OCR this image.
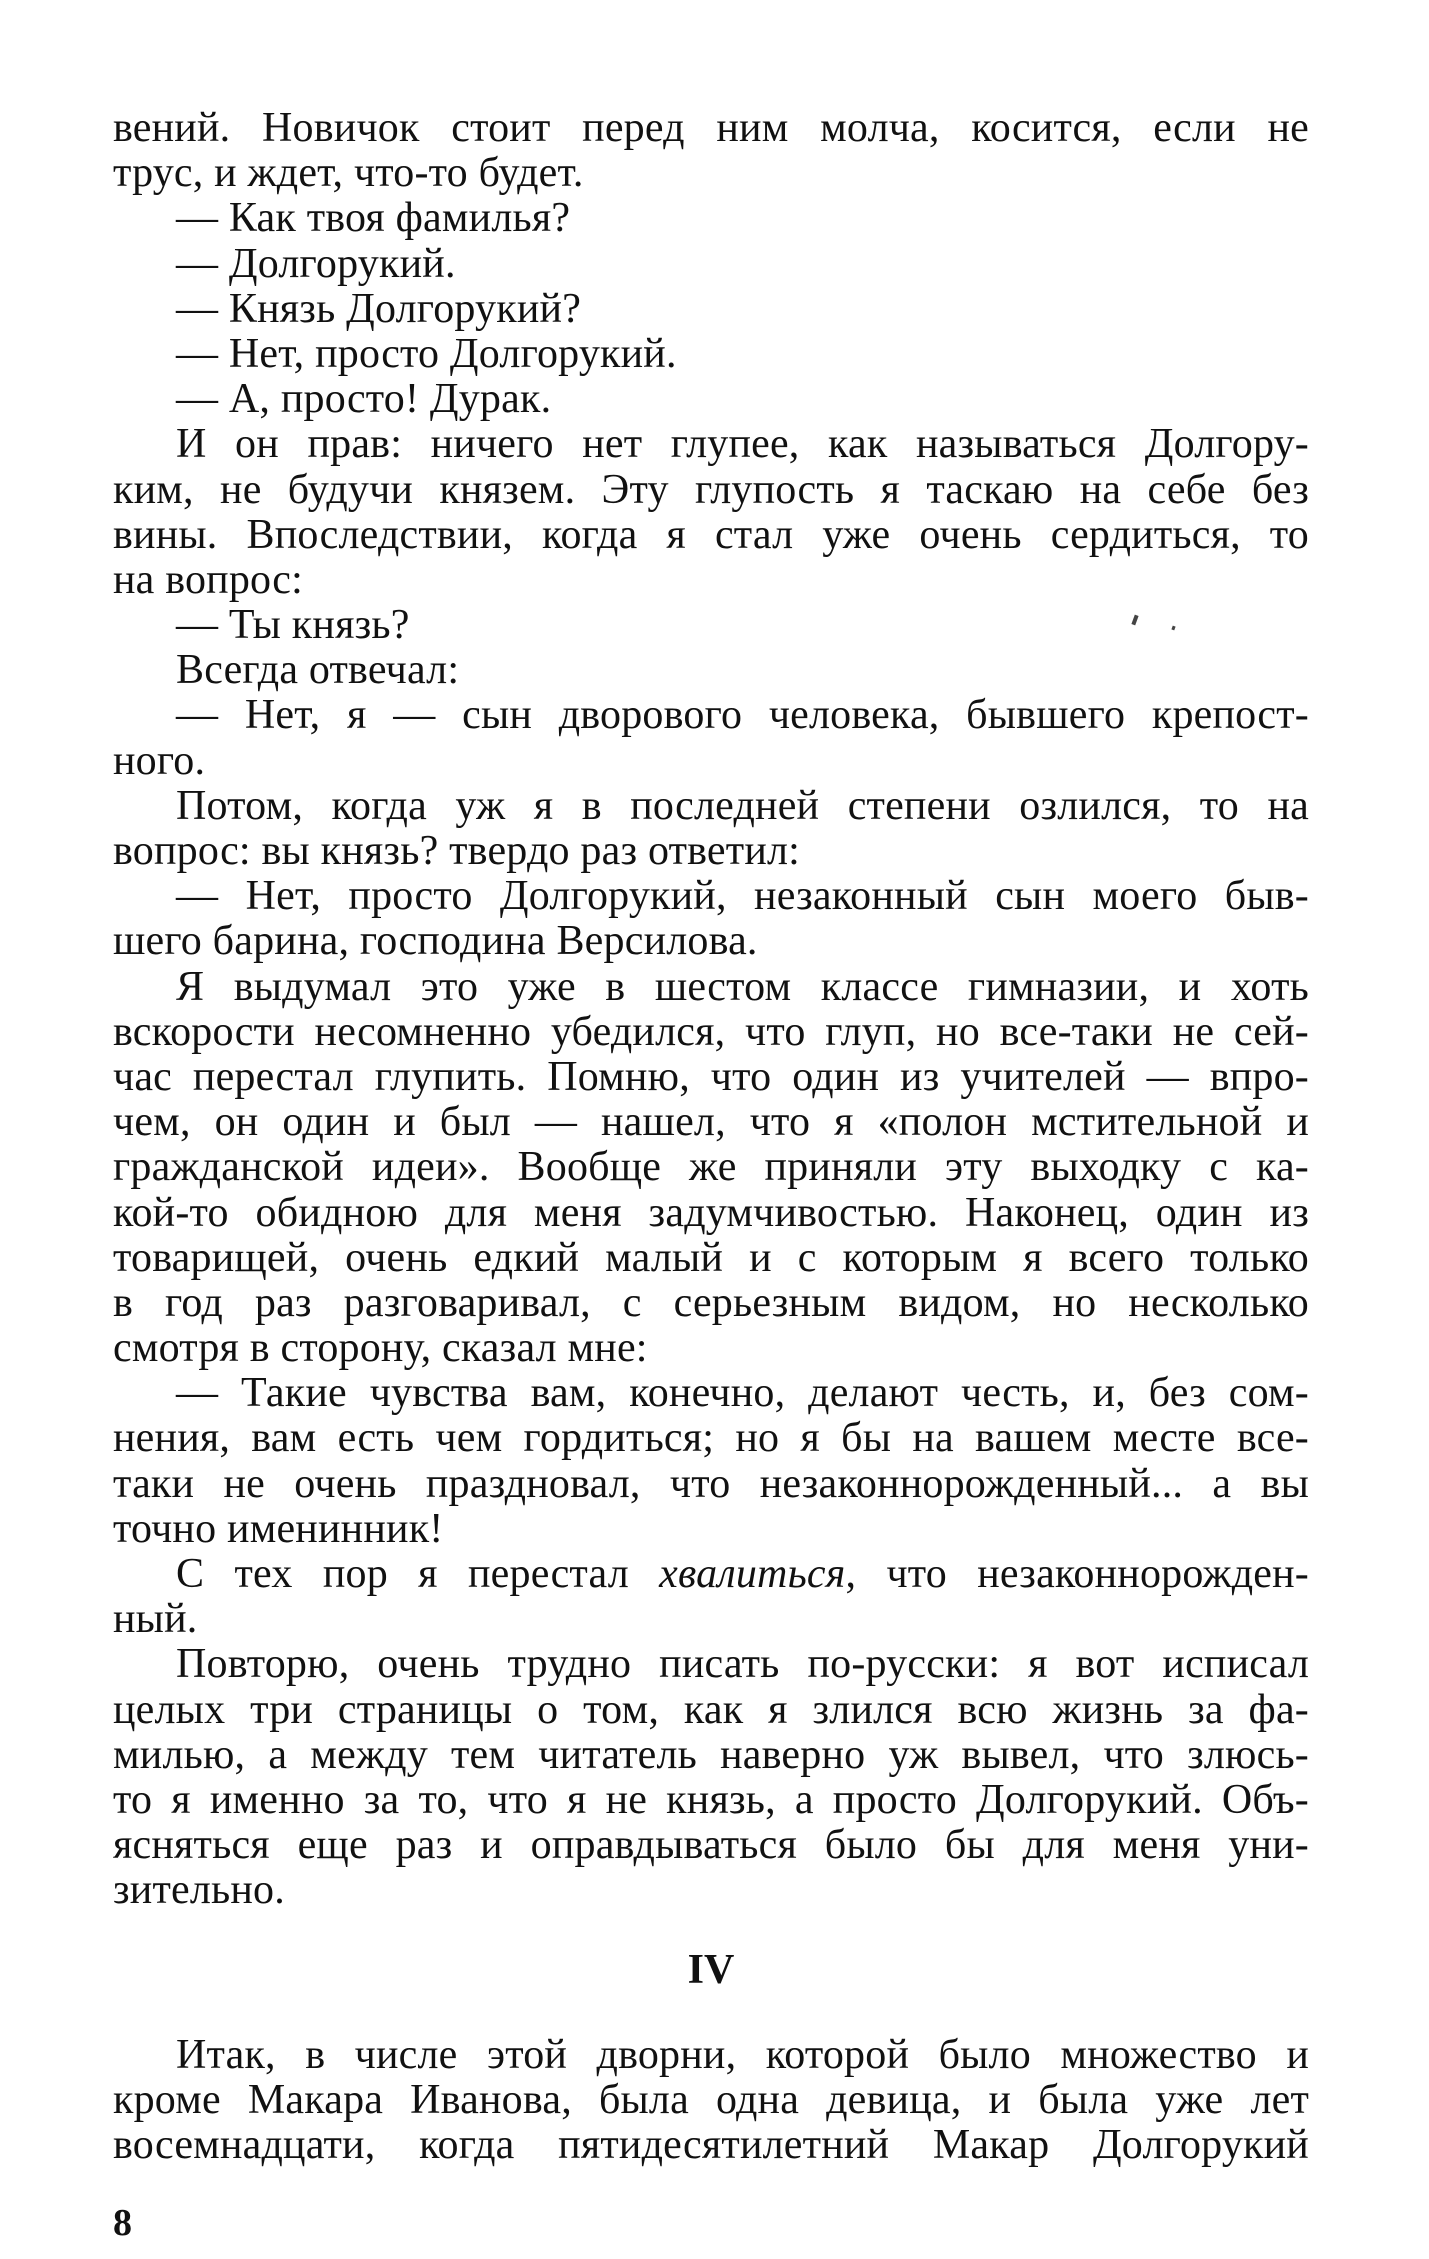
вений. Новичок стоит перед ним молча, косится, если не
трус, и ждет, что-то будет.
— Как твоя фамилья?
— Долгорукий.
— Князь Долгорукий?
— Нет, просто Долгорукий.
— А, просто! Дурак.
И он прав: ничего нет глупее, как называться Долгору-
ким, не будучи князем. Эту глупость я таскаю на себе без
вины. Впоследствии, когда я стал уже очень сердиться, то
на вопрос:
— Ты князь?
Всегда отвечал:
— Нет, я — сын дворового человека, бывшего крепост-
ного.
Потом, когда уж я в последней степени озлился, то на
вопрос: вы князь? твердо раз ответил:
— Нет, просто Долгорукий, незаконный сын моего быв-
шего барина, господина Версилова.
Я выдумал это уже в шестом классе гимназии, и хоть
вскорости несомненно убедился, что глуп, но все-таки не сей-
час перестал глупить. Помню, что один из учителей — впро-
чем, он один и был — нашел, что я «полон мстительной и
гражданской идеи». Вообще же приняли эту выходку с ка-
кой-то обидною для меня задумчивостью. Наконец, один из
товарищей, очень едкий малый и с которым я всего только
в год раз разговаривал, с серьезным видом, но несколько
смотря в сторону, сказал мне:
— Такие чувства вам, конечно, делают честь, и, без сом-
нения, вам есть чем гордиться; но я бы на вашем месте все-
таки не очень праздновал, что незаконнорожденный... а вы
точно именинник!
С тех пор я перестал хвалиться, что незаконнорожден-
ный.
Повторю, очень трудно писать по-русски: я вот исписал
целых три страницы о том, как я злился всю жизнь за фа-
милью, а между тем читатель наверно уж вывел, что злюсь-
то я именно за то, что я не князь, а просто Долгорукий. Объ-
ясняться еще раз и оправдываться было бы для меня уни-
зительно.
IV
Итак, в числе этой дворни, которой было множество и
кроме Макара Иванова, была одна девица, и была уже лет
восемнадцати, когда пятидесятилетний Макар Долгорукий
8
